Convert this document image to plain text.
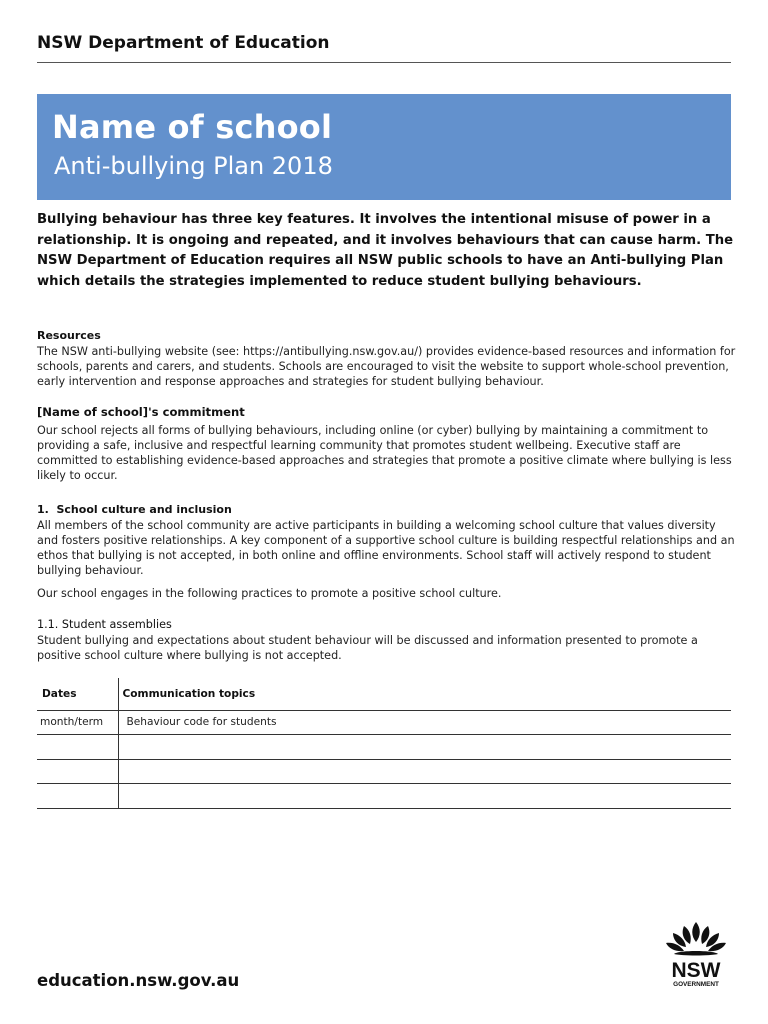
NSW Department of Education
Name of school
Anti-bullying Plan 2018
Bullying behaviour has three key features. It involves the intentional misuse of power in a relationship. It is ongoing and repeated, and it involves behaviours that can cause harm. The NSW Department of Education requires all NSW public schools to have an Anti-bullying Plan which details the strategies implemented to reduce student bullying behaviours.
Resources

The NSW anti-bullying website (see: https://antibullying.nsw.gov.au/) provides evidence-based resources and information for schools, parents and carers, and students. Schools are encouraged to visit the website to support whole-school prevention, early intervention and response approaches and strategies for student bullying behaviour.

[Name of school]'s commitment

Our school rejects all forms of bullying behaviours, including online (or cyber) bullying by maintaining a commitment to providing a safe, inclusive and respectful learning community that promotes student wellbeing. Executive staff are committed to establishing evidence-based approaches and strategies that promote a positive climate where bullying is less likely to occur.

1.  School culture and inclusion

All members of the school community are active participants in building a welcoming school culture that values diversity and fosters positive relationships. A key component of a supportive school culture is building respectful relationships and an ethos that bullying is not accepted, in both online and offline environments. School staff will actively respond to student bullying behaviour.

Our school engages in the following practices to promote a positive school culture.

1.1. Student assemblies

Student bullying and expectations about student behaviour will be discussed and information presented to promote a positive school culture where bullying is not accepted.

Dates	Communication topics
month/term	Behaviour code for students

education.nsw.gov.au	NSW
GOVERNMENT
